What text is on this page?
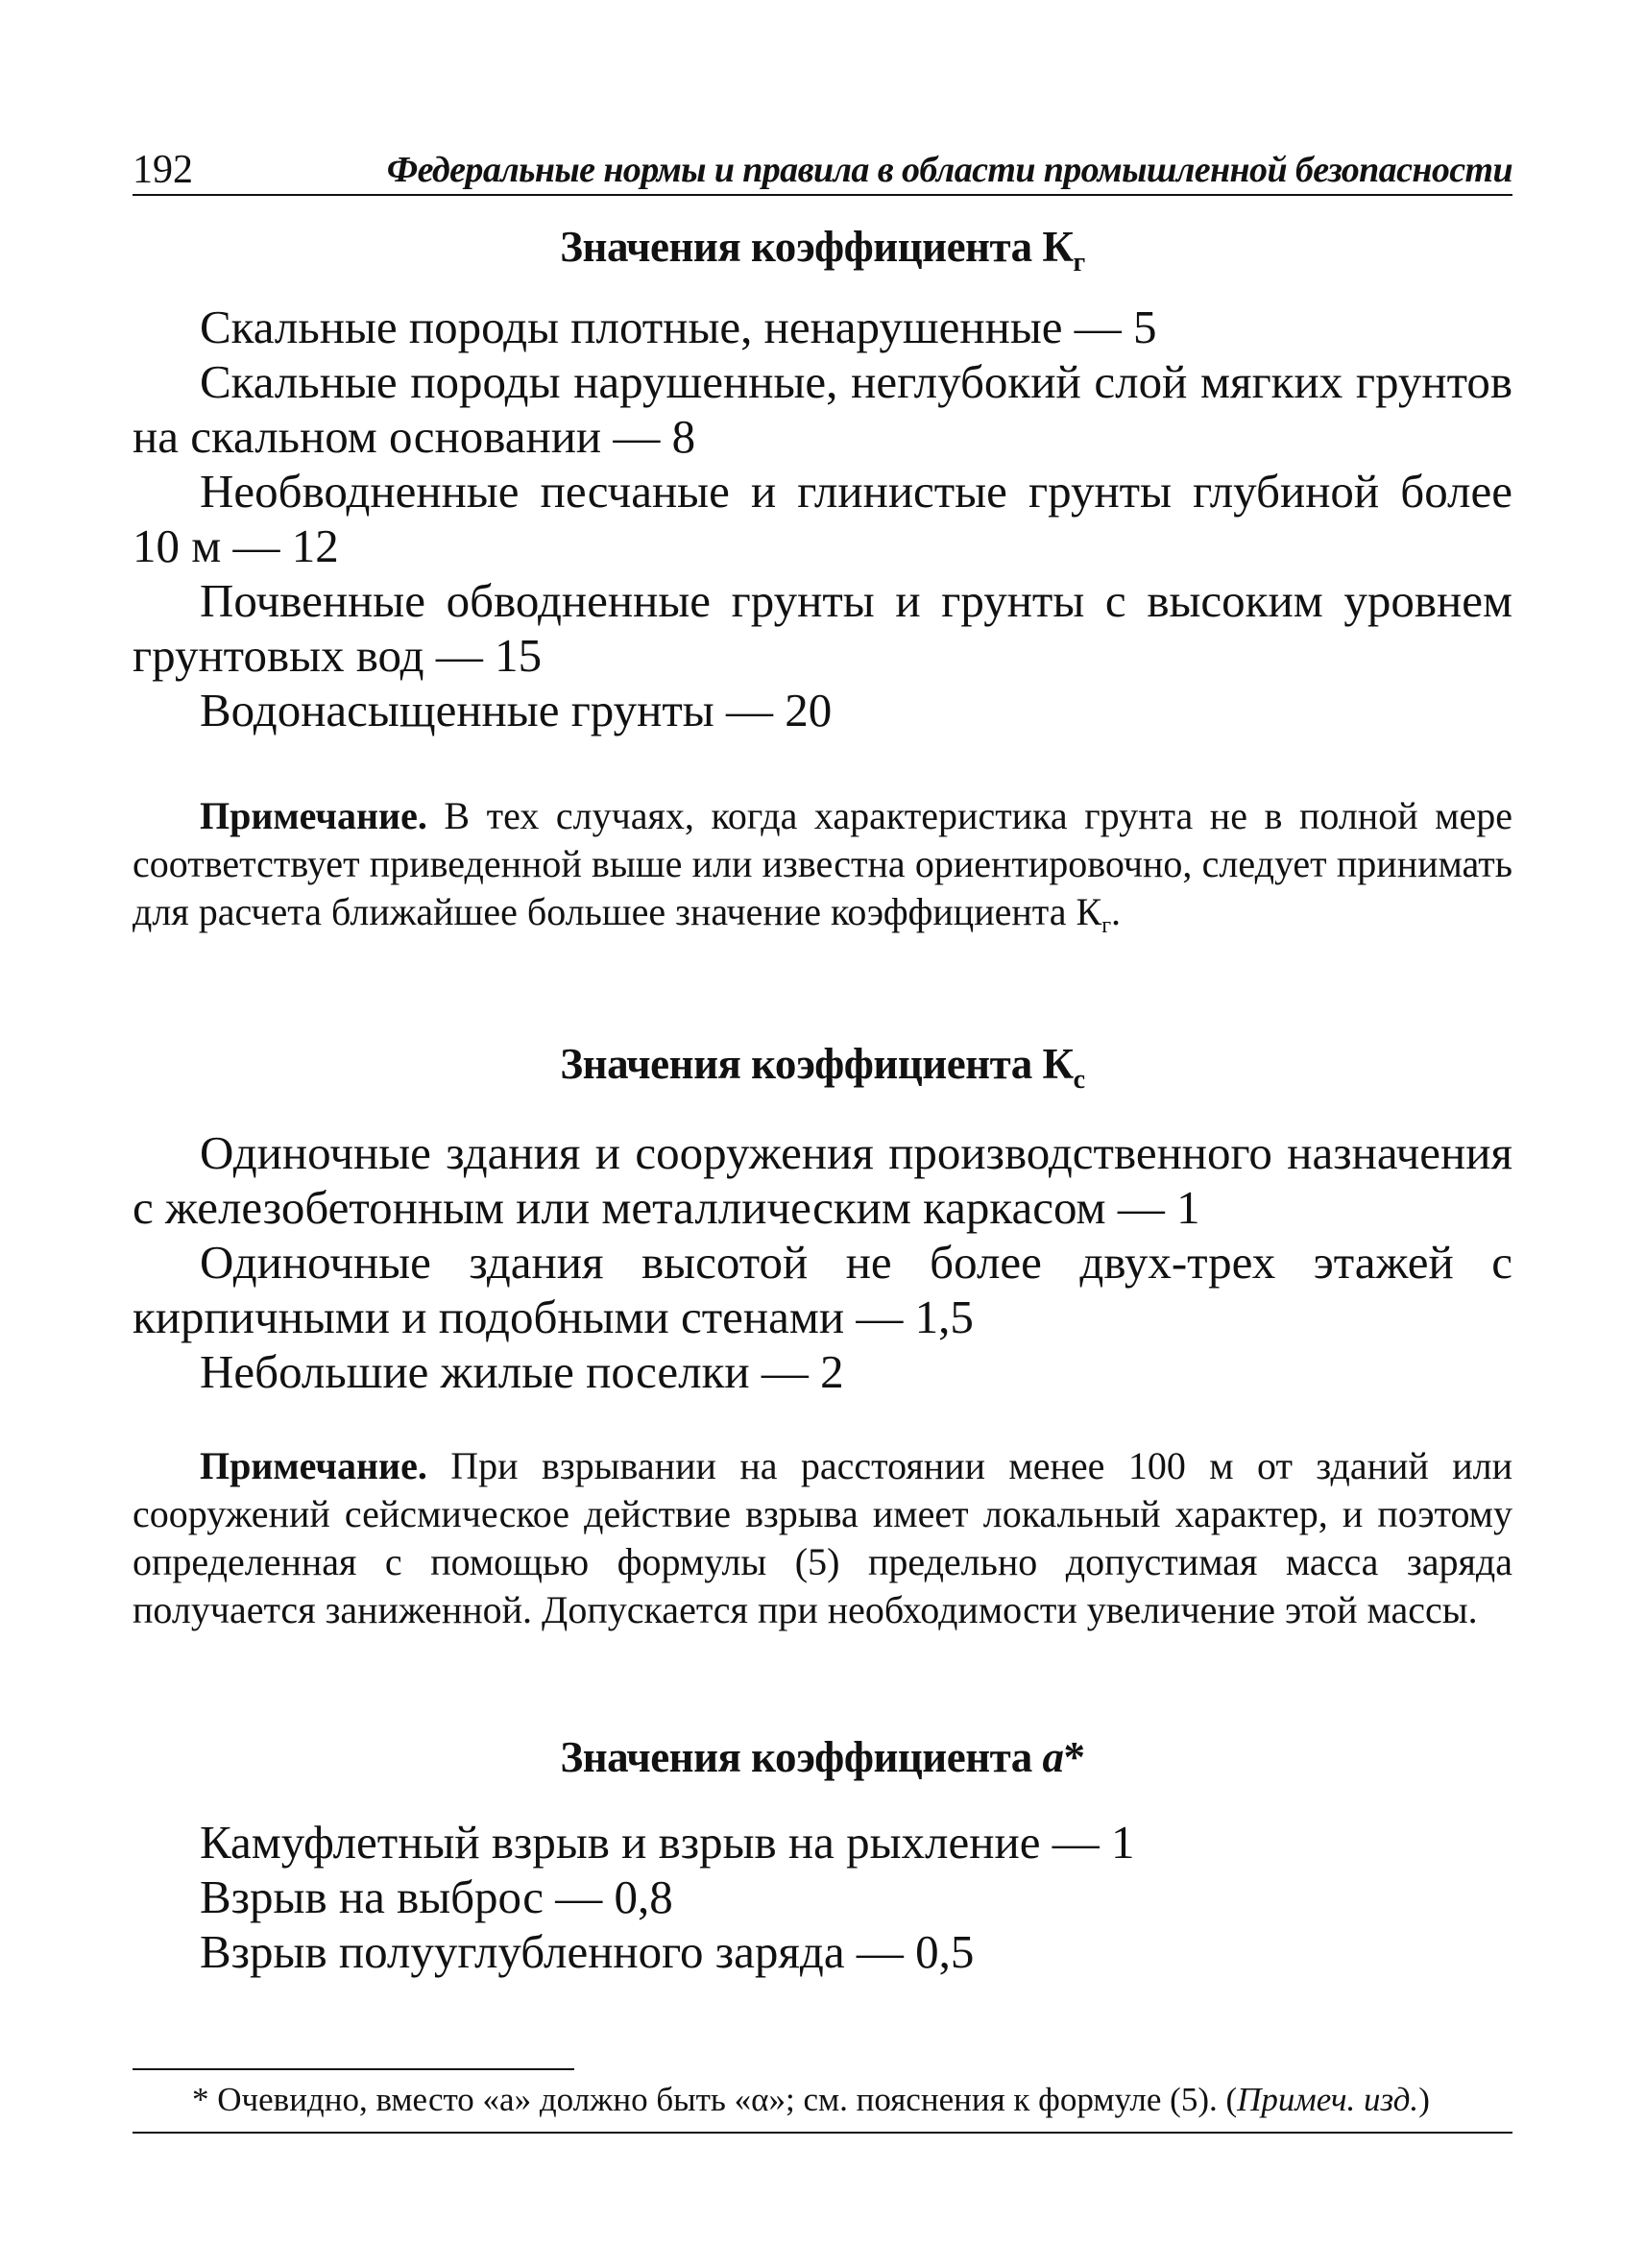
192	Федеральные нормы и правила в области промышленной безопасности
Значения коэффициента $К_г$

Скальные породы плотные, ненарушенные — 5

Скальные породы нарушенные, неглубокий слой мягких грунтов на скальном основании — 8

Необводненные песчаные и глинистые грунты глубиной более 10 м — 12

Почвенные обводненные грунты и грунты с высоким уровнем грунтовых вод — 15

Водонасыщенные грунты — 20

Примечание. В тех случаях, когда характеристика грунта не в полной мере соответствует приведенной выше или известна ориентировочно, следует принимать для расчета ближайшее большее значение коэффициента $К_г$.
Значения коэффициента $К_с$

Одиночные здания и сооружения производственного назначения с железобетонным или металлическим каркасом — 1

Одиночные здания высотой не более двух-трех этажей с кирпичными и подобными стенами — 1,5

Небольшие жилые поселки — 2

Примечание. При взрывании на расстоянии менее 100 м от зданий или сооружений сейсмическое действие взрыва имеет локальный характер, и поэтому определенная с помощью формулы (5) предельно допустимая масса заряда получается заниженной. Допускается при необходимости увеличение этой массы.
Значения коэффициента a*

Камуфлетный взрыв и взрыв на рыхление — 1

Взрыв на выброс — 0,8

Взрыв полууглубленного заряда — 0,5

* Очевидно, вместо «а» должно быть «α»; см. пояснения к формуле (5). (Примеч. изд.)
